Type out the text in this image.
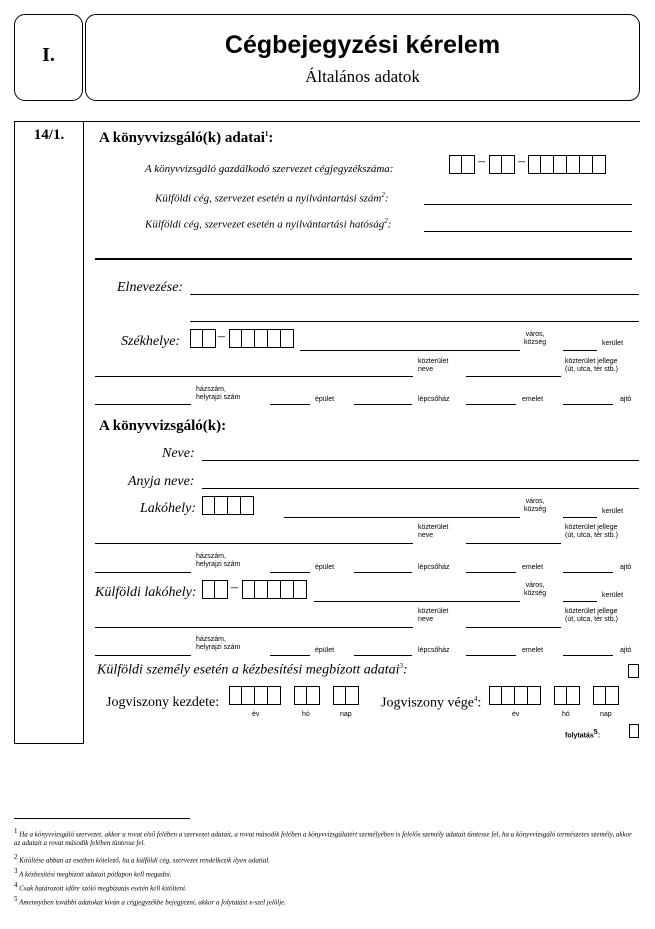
I.	Cégbejegyzési kérelem
Általános adatok
14/1.	A könyvvizsgáló(k) adatai$^1$:
A könyvvizsgáló gazdálkodó szervezet cégjegyzékszáma:	– –
Külföldi cég, szervezet esetén a nyilvántartási szám$^2$:
Külföldi cég, szervezet esetén a nyilvántartási hatóság$^2$:
Elnevezése:
Székhelye:	–	város,
község	kerület
közterület
neve
közterület jellege
(út, utca, tér stb.)
házszám,
helyrajzi szám	épület	lépcsőház	emelet	ajtó
A könyvvizsgáló(k):
Neve:
Anyja neve:
Lakóhely:	város,
község	kerület
közterület
neve
közterület jellege
(út, utca, tér stb.)
házszám,
helyrajzi szám	épület	lépcsőház	emelet	ajtó
Külföldi lakóhely: –	város,
község	kerület
közterület
neve
közterület jellege
(út, utca, tér stb.)
házszám,
helyrajzi szám	épület	lépcsőház	emelet	ajtó
Külföldi személy esetén a kézbesítési megbízott adatai$^3$:
Jogviszony kezdete:
év	hó	nap
Jogviszony vége$^4$:
év	hó	nap
folytatás$^5$:
$^1$ Ha a könyvvizsgáló szervezet, akkor a rovat első felében a szervezet adatait, a rovat második felében a könyvvizsgálatért személyében is felelős személy adatait tüntesse fel, ha a könyvvizsgáló természetes személy, akkor az adatait a rovat második felében tüntesse fel.
$^2$ Kitöltése abban az esetben kötelező, ha a külföldi cég, szervezet rendelkezik ilyen adattal.
$^3$ A kézbesítési megbízott adatait pótlapon kell megadni.
$^4$ Csak határozott időre szóló megbízatás esetén kell kitölteni.
$^5$ Amennyiben további adatokat kíván a cégjegyzékbe bejegyezni, akkor a folytatást x-szel jelölje.
